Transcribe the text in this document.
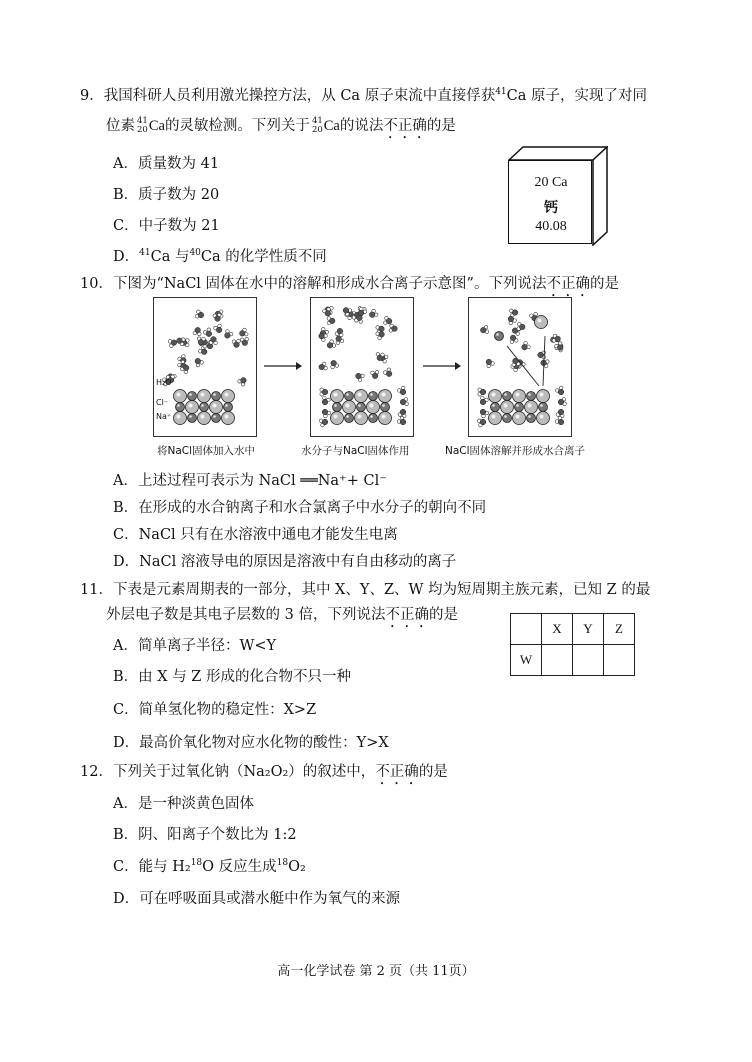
9．我国科研人员利用激光操控方法，从 Ca 原子束流中直接俘获$^{41}$Ca 原子，实现了对同
位素 41
20 Ca的灵敏检测。下列关于 41
20 Ca的说法不正确的是
A．质量数为 41
B．质子数为 20
C．中子数为 21
D．$^{41}$Ca 与$^{40}$Ca 的化学性质不同
20 Ca
钙
40.08
10．下图为“NaCl 固体在水中的溶解和形成水合离子示意图”。下列说法不正确的是
H₂O
Cl⁻
Na⁺
将NaCl固体加入水中	水分子与NaCl固体作用	NaCl固体溶解并形成水合离子
A．上述过程可表示为 NaCl ══Na⁺+ Cl⁻
B．在形成的水合钠离子和水合氯离子中水分子的朝向不同
C．NaCl 只有在水溶液中通电才能发生电离
D．NaCl 溶液导电的原因是溶液中有自由移动的离子
11．下表是元素周期表的一部分，其中 X、Y、Z、W 均为短周期主族元素，已知 Z 的最
外层电子数是其电子层数的 3 倍，下列说法不正确的是
	X	Y	Z
W			
A．简单离子半径：W<Y
B．由 X 与 Z 形成的化合物不只一种
C．简单氢化物的稳定性：X>Z
D．最高价氧化物对应水化物的酸性：Y>X
12．下列关于过氧化钠（Na₂O₂）的叙述中，不正确的是
A．是一种淡黄色固体
B．阴、阳离子个数比为 1:2
C．能与 H₂$^{18}$O 反应生成$^{18}$O₂
D．可在呼吸面具或潜水艇中作为氧气的来源
高一化学试卷 第 2 页（共 11页）
